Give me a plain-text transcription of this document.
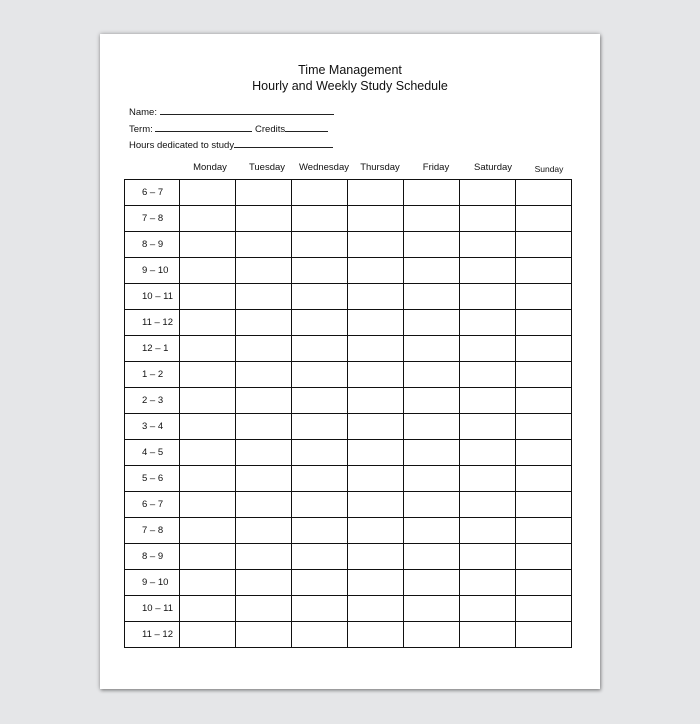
Time Management
Hourly and Weekly Study Schedule
Name:
Term:	Credits
Hours dedicated to study
Monday	Tuesday	Wednesday	Thursday	Friday	Saturday	Sunday
6 – 7							
7 – 8							
8 – 9							
9 – 10							
10 – 11							
11 – 12							
12 – 1							
1 – 2							
2 – 3							
3 – 4							
4 – 5							
5 – 6							
6 – 7							
7 – 8							
8 – 9							
9 – 10							
10 – 11							
11 – 12							
